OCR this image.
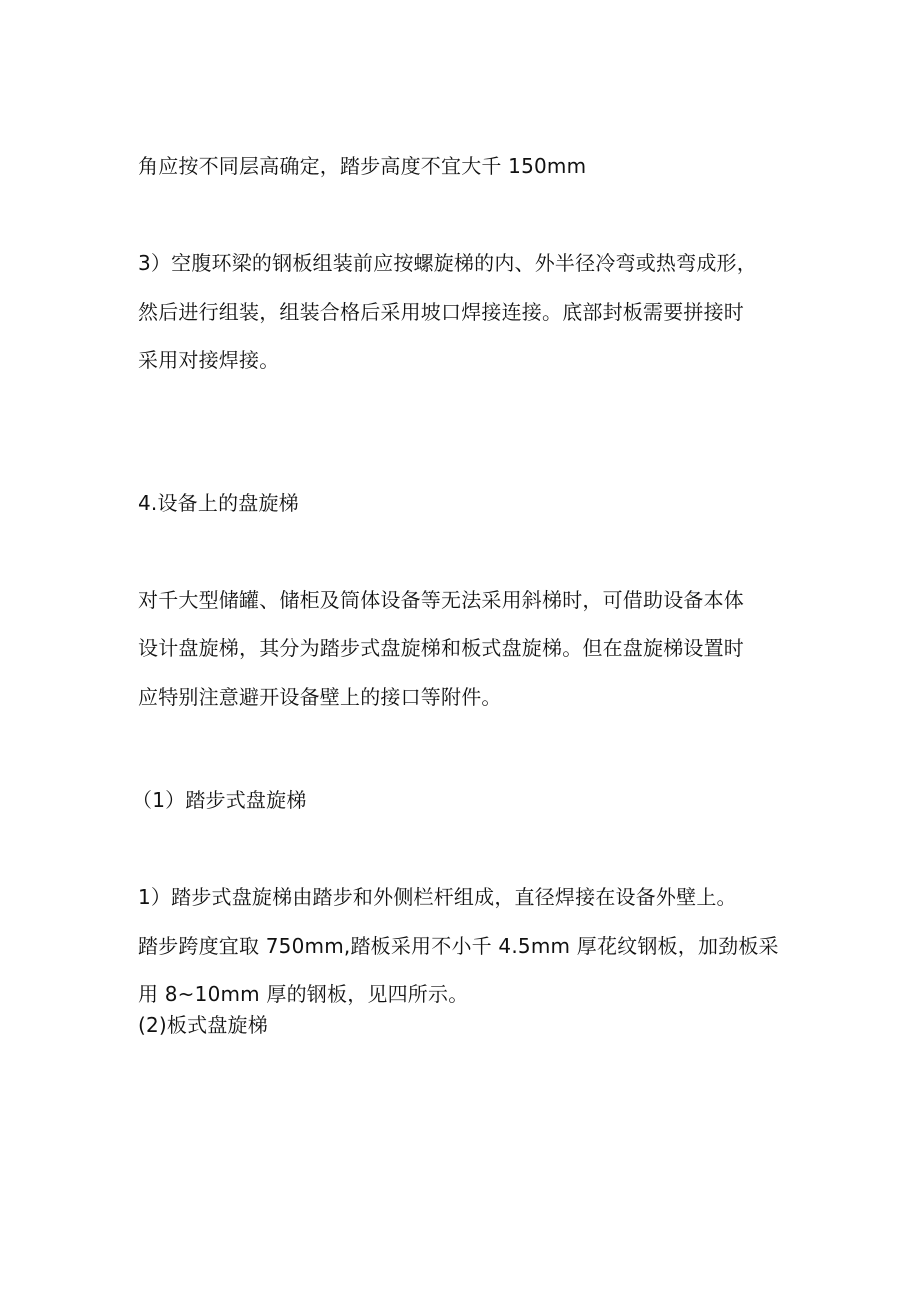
角应按不同层高确定，踏步高度不宜大千 150mm
3）空腹环梁的钢板组装前应按螺旋梯的内、外半径冷弯或热弯成形，
然后进行组装，组装合格后采用坡口焊接连接。底部封板需要拼接时
采用对接焊接。
4.设备上的盘旋梯
对千大型储罐、储柜及筒体设备等无法采用斜梯时，可借助设备本体
设计盘旋梯，其分为踏步式盘旋梯和板式盘旋梯。但在盘旋梯设置时
应特别注意避开设备壁上的接口等附件。
（1）踏步式盘旋梯
1）踏步式盘旋梯由踏步和外侧栏杆组成，直径焊接在设备外壁上。
踏步跨度宜取 750mm,踏板采用不小千 4.5mm 厚花纹钢板，加劲板采
用 8~10mm 厚的钢板，见四所示。
(2)板式盘旋梯
